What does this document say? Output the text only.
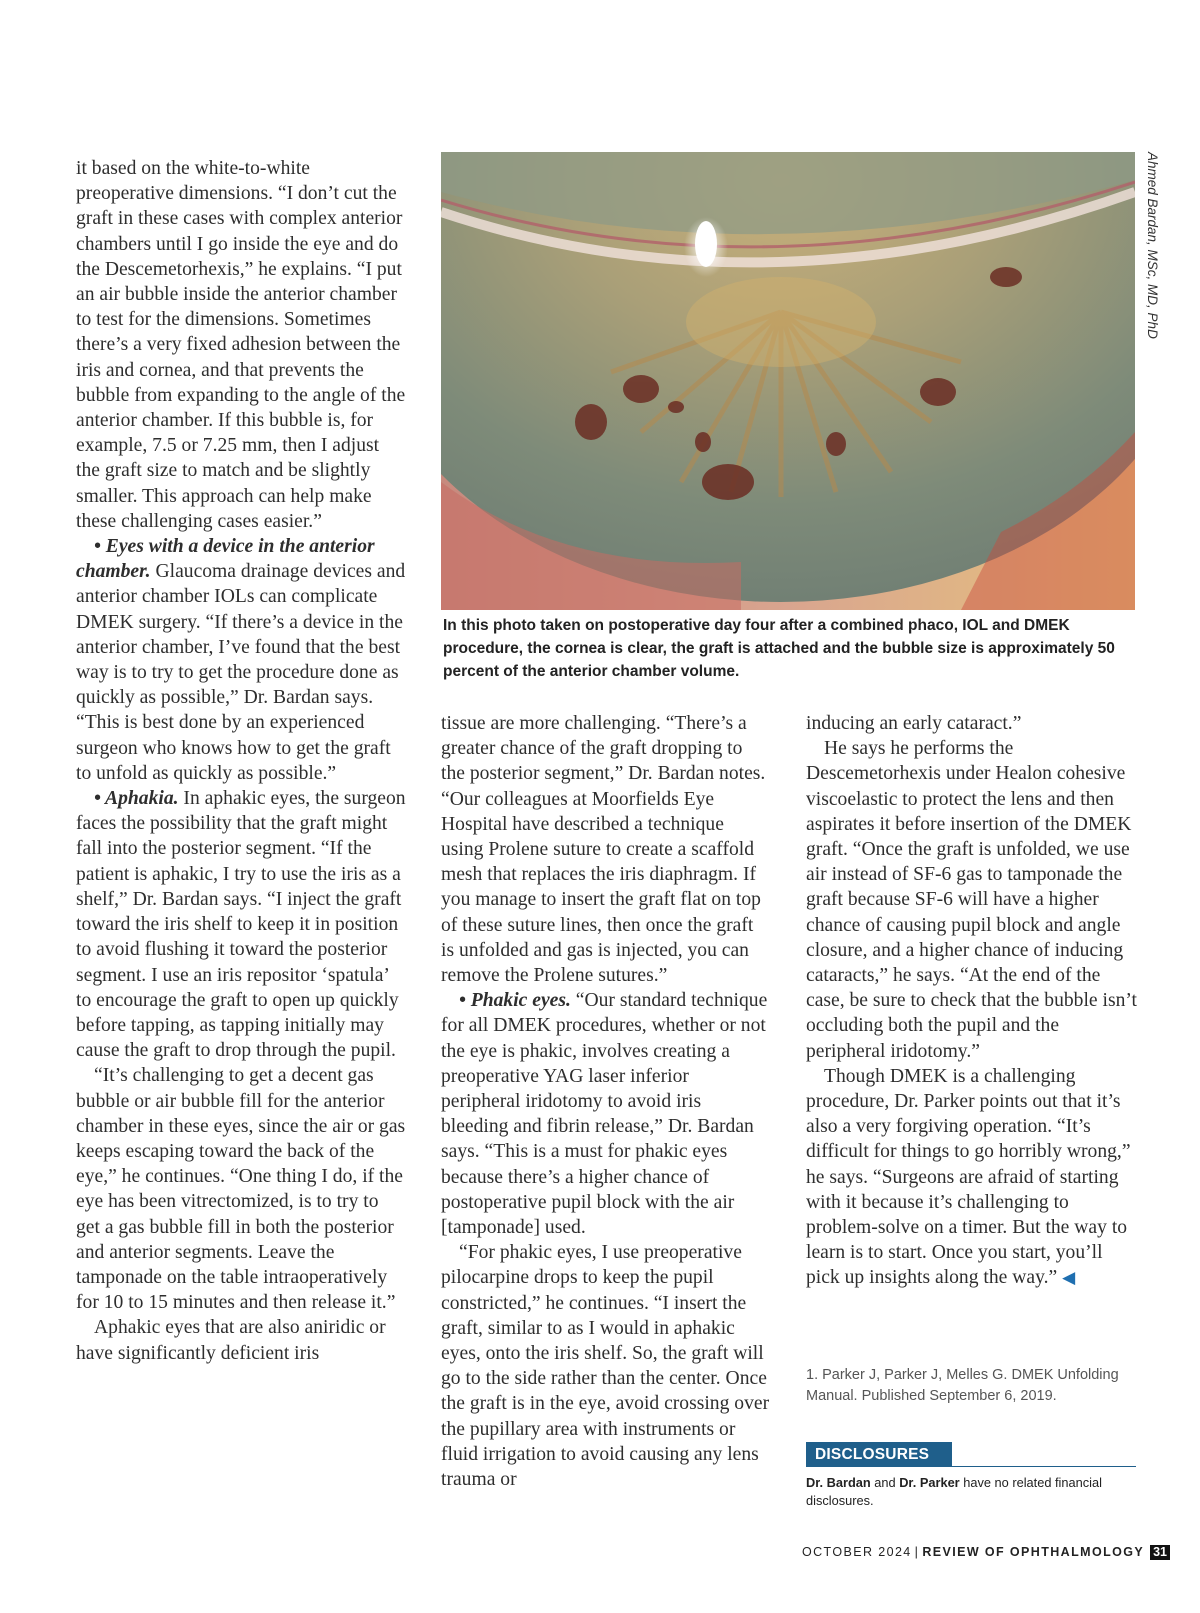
it based on the white-to-white preoperative dimensions. “I don’t cut the graft in these cases with complex anterior chambers until I go inside the eye and do the Descemetorhexis,” he explains. “I put an air bubble inside the anterior chamber to test for the dimensions. Sometimes there’s a very fixed adhesion between the iris and cornea, and that prevents the bubble from expanding to the angle of the anterior chamber. If this bubble is, for example, 7.5 or 7.25 mm, then I adjust the graft size to match and be slightly smaller. This approach can help make these challenging cases easier.”

• Eyes with a device in the anterior chamber. Glaucoma drainage devices and anterior chamber IOLs can complicate DMEK surgery. “If there’s a device in the anterior chamber, I’ve found that the best way is to try to get the procedure done as quickly as possible,” Dr. Bardan says. “This is best done by an experienced surgeon who knows how to get the graft to unfold as quickly as possible.”

• Aphakia. In aphakic eyes, the surgeon faces the possibility that the graft might fall into the posterior segment. “If the patient is aphakic, I try to use the iris as a shelf,” Dr. Bardan says. “I inject the graft toward the iris shelf to keep it in position to avoid flushing it toward the posterior segment. I use an iris repositor ‘spatula’ to encourage the graft to open up quickly before tapping, as tapping initially may cause the graft to drop through the pupil.

“It’s challenging to get a decent gas bubble or air bubble fill for the anterior chamber in these eyes, since the air or gas keeps escaping toward the back of the eye,” he continues. “One thing I do, if the eye has been vitrectomized, is to try to get a gas bubble fill in both the posterior and anterior segments. Leave the tamponade on the table intraoperatively for 10 to 15 minutes and then release it.”

Aphakic eyes that are also aniridic or have significantly deficient iris

Ahmed Bardan, MSc, MD, PhD
In this photo taken on postoperative day four after a combined phaco, IOL and DMEK procedure, the cornea is clear, the graft is attached and the bubble size is approximately 50 percent of the anterior chamber volume.

tissue are more challenging. “There’s a greater chance of the graft dropping to the posterior segment,” Dr. Bardan notes. “Our colleagues at Moorfields Eye Hospital have described a technique using Prolene suture to create a scaffold mesh that replaces the iris diaphragm. If you manage to insert the graft flat on top of these suture lines, then once the graft is unfolded and gas is injected, you can remove the Prolene sutures.”

• Phakic eyes. “Our standard technique for all DMEK procedures, whether or not the eye is phakic, involves creating a preoperative YAG laser inferior peripheral iridotomy to avoid iris bleeding and fibrin release,” Dr. Bardan says. “This is a must for phakic eyes because there’s a higher chance of postoperative pupil block with the air [tamponade] used.

“For phakic eyes, I use preoperative pilocarpine drops to keep the pupil constricted,” he continues. “I insert the graft, similar to as I would in aphakic eyes, onto the iris shelf. So, the graft will go to the side rather than the center. Once the graft is in the eye, avoid crossing over the pupillary area with instruments or fluid irrigation to avoid causing any lens trauma or

inducing an early cataract.”

He says he performs the Descemetorhexis under Healon cohesive viscoelastic to protect the lens and then aspirates it before insertion of the DMEK graft. “Once the graft is unfolded, we use air instead of SF-6 gas to tamponade the graft because SF-6 will have a higher chance of causing pupil block and angle closure, and a higher chance of inducing cataracts,” he says. “At the end of the case, be sure to check that the bubble isn’t occluding both the pupil and the peripheral iridotomy.”

Though DMEK is a challenging procedure, Dr. Parker points out that it’s also a very forgiving operation. “It’s difficult for things to go horribly wrong,” he says. “Surgeons are afraid of starting with it because it’s challenging to problem-solve on a timer. But the way to learn is to start. Once you start, you’ll pick up insights along the way.” ◀

1. Parker J, Parker J, Melles G. DMEK Unfolding Manual. Published September 6, 2019.
DISCLOSURES
Dr. Bardan and Dr. Parker have no related financial disclosures.
OCTOBER 2024 | REVIEW OF OPHTHALMOLOGY 31
